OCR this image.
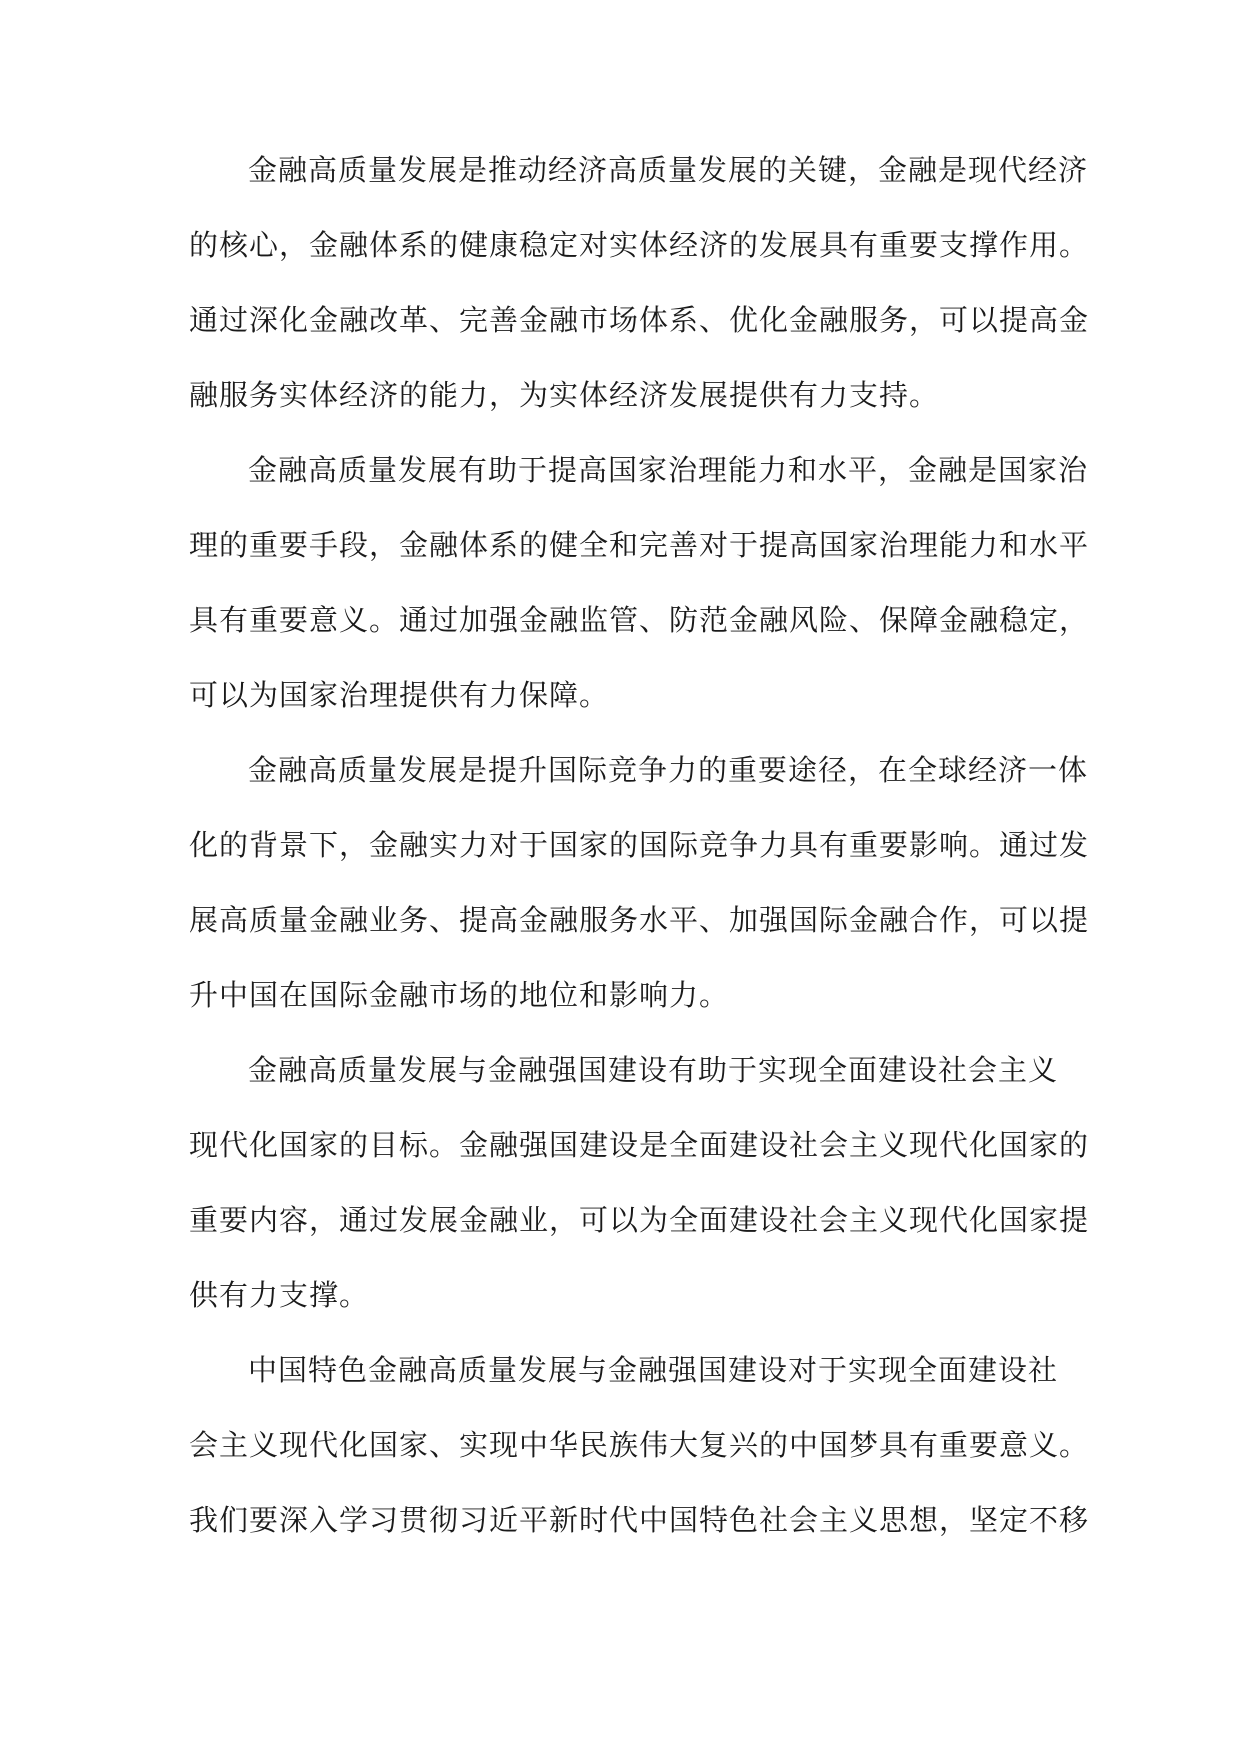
金融高质量发展是推动经济高质量发展的关键，金融是现代经济

的核心，金融体系的健康稳定对实体经济的发展具有重要支撑作用。

通过深化金融改革、完善金融市场体系、优化金融服务，可以提高金

融服务实体经济的能力，为实体经济发展提供有力支持。

金融高质量发展有助于提高国家治理能力和水平，金融是国家治

理的重要手段，金融体系的健全和完善对于提高国家治理能力和水平

具有重要意义。通过加强金融监管、防范金融风险、保障金融稳定，

可以为国家治理提供有力保障。

金融高质量发展是提升国际竞争力的重要途径，在全球经济一体

化的背景下，金融实力对于国家的国际竞争力具有重要影响。通过发

展高质量金融业务、提高金融服务水平、加强国际金融合作，可以提

升中国在国际金融市场的地位和影响力。

金融高质量发展与金融强国建设有助于实现全面建设社会主义

现代化国家的目标。金融强国建设是全面建设社会主义现代化国家的

重要内容，通过发展金融业，可以为全面建设社会主义现代化国家提

供有力支撑。

中国特色金融高质量发展与金融强国建设对于实现全面建设社

会主义现代化国家、实现中华民族伟大复兴的中国梦具有重要意义。

我们要深入学习贯彻习近平新时代中国特色社会主义思想，坚定不移
